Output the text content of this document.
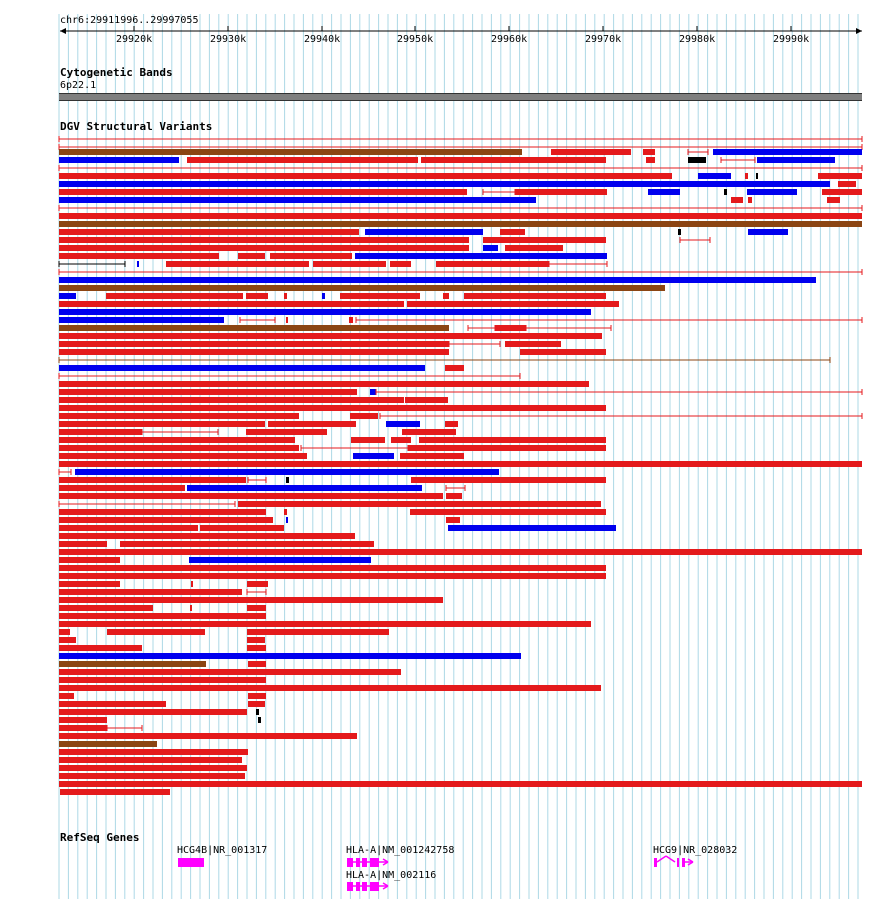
chr6:29911996..29997055
29920k	29930k	29940k	29950k	29960k	29970k	29980k	29990k
Cytogenetic Bands
6p22.1
DGV Structural Variants
RefSeq Genes
HCG4B|NR_001317	HLA-A|NM_001242758
HLA-A|NM_002116
HCG9|NR_028032
